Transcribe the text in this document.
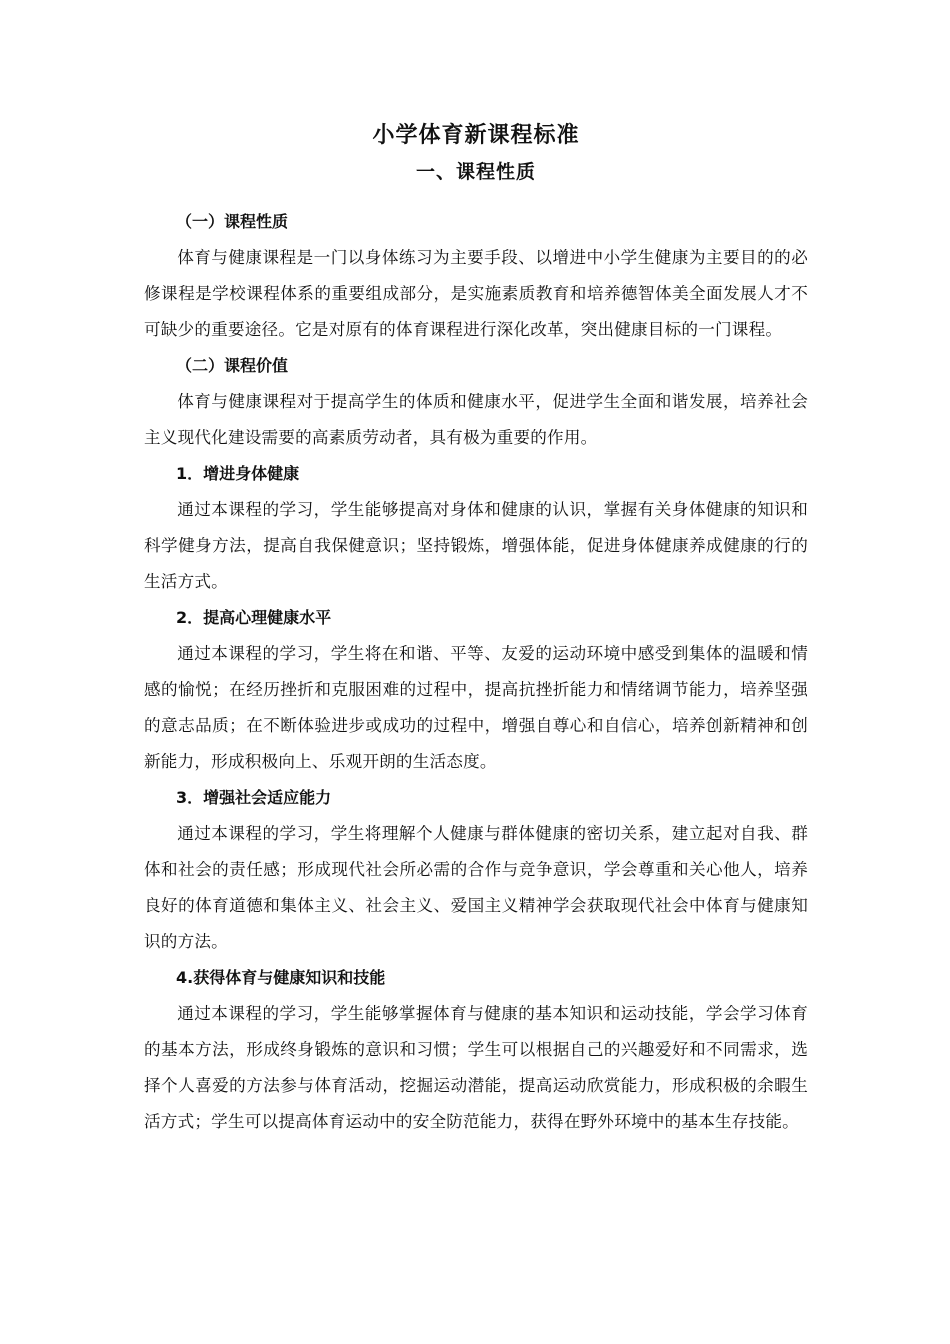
小学体育新课程标准
一、课程性质

（一）课程性质

体育与健康课程是一门以身体练习为主要手段、以增进中小学生健康为主要目的的必修课程是学校课程体系的重要组成部分，是实施素质教育和培养德智体美全面发展人才不可缺少的重要途径。它是对原有的体育课程进行深化改革，突出健康目标的一门课程。

（二）课程价值

体育与健康课程对于提高学生的体质和健康水平，促进学生全面和谐发展，培养社会主义现代化建设需要的高素质劳动者，具有极为重要的作用。

1．增进身体健康

通过本课程的学习，学生能够提高对身体和健康的认识，掌握有关身体健康的知识和科学健身方法，提高自我保健意识；坚持锻炼，增强体能，促进身体健康养成健康的行的生活方式。

2．提高心理健康水平

通过本课程的学习，学生将在和谐、平等、友爱的运动环境中感受到集体的温暖和情感的愉悦；在经历挫折和克服困难的过程中，提高抗挫折能力和情绪调节能力，培养坚强的意志品质；在不断体验进步或成功的过程中，增强自尊心和自信心，培养创新精神和创新能力，形成积极向上、乐观开朗的生活态度。

3．增强社会适应能力

通过本课程的学习，学生将理解个人健康与群体健康的密切关系，建立起对自我、群体和社会的责任感；形成现代社会所必需的合作与竞争意识，学会尊重和关心他人，培养良好的体育道德和集体主义、社会主义、爱国主义精神学会获取现代社会中体育与健康知识的方法。

4.获得体育与健康知识和技能

通过本课程的学习，学生能够掌握体育与健康的基本知识和运动技能，学会学习体育的基本方法，形成终身锻炼的意识和习惯；学生可以根据自己的兴趣爱好和不同需求，选择个人喜爱的方法参与体育活动，挖掘运动潜能，提高运动欣赏能力，形成积极的余暇生活方式；学生可以提高体育运动中的安全防范能力，获得在野外环境中的基本生存技能。
